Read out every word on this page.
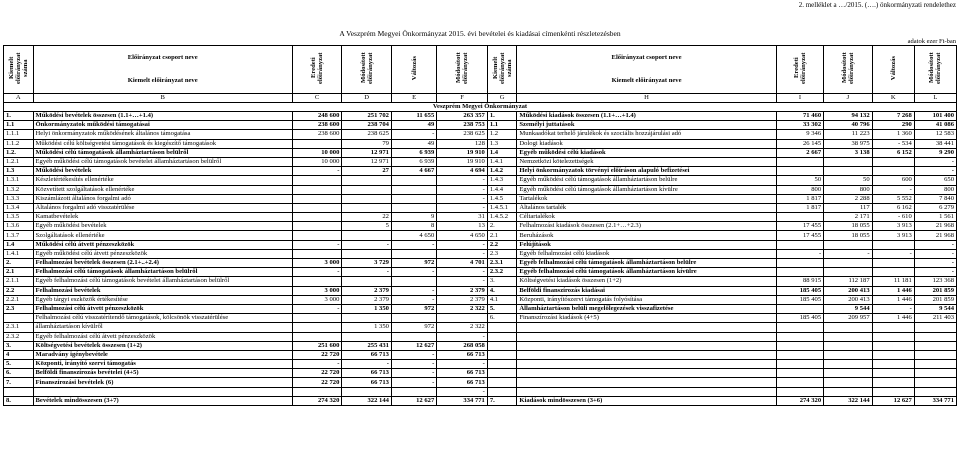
2. melléklet a …/2015. (….) önkormányzati rendelethez
A Veszprém Megyei Önkormányzat 2015. évi bevételei és kiadásai címenkénti részletezésben
adatok ezer Ft-ban
Kiemelt előirányzat száma	Előirányzat csoport neve
Kiemelt előirányzat neve	Eredeti előirányzat	Módosított előirányzat	Változás	Módosított előirányzat	Kiemelt előirányzat száma	Előirányzat csoport neve
Kiemelt előirányzat neve	Eredeti előirányzat	Módosított előirányzat	Változás	Módosított előirányzat
A	B	C	D	E	F	G	H	I	J	K	L
Veszprém Megyei Önkormányzat											
1.	Működési bevételek összesen (1.1+…+1.4)	248 600	251 702	11 655	263 357	1.	Működési kiadások összesen (1.1+…+1.4)	71 460	94 132	7 268	101 400
1.1	Önkormányzatok működési támogatásai	238 600	238 704	49	238 753	1.1	Személyi juttatások	33 302	40 796	290	41 086
1.1.1	Helyi önkormányzatok működésének általános támogatása	238 600	238 625	-	238 625	1.2	Munkaadókat terhelő járulékok és szociális hozzájárulási adó	9 346	11 223	1 360	12 583
1.1.2	Működési célú költségvetési támogatások és kiegészítő támogatások		79	49	128	1.3	Dologi kiadások	26 145	38 975	- 534	38 441
1.2.	Működési célú támogatások államháztartáson belülről	10 000	12 971	6 939	19 910	1.4	Egyéb működési célú kiadások	2 667	3 138	6 152	9 290
1.2.1	Egyéb működési célú támogatások bevételei államháztartáson belülről	10 000	12 971	6 939	19 910	1.4.1	Nemzetközi kötelezettségek				-
1.3	Működési bevételek	-	27	4 667	4 694	1.4.2	Helyi önkormányzatok törvényi előíráson alapuló befizetései				-
1.3.1	Készletértékesítés ellenértéke				-	1.4.3	Egyéb működési célú támogatások államháztartáson belülre	50	50	600	650
1.3.2	Közvetített szolgáltatások ellenértéke				-	1.4.4	Egyéb működési célú támogatások államháztartáson kívülre	800	800	-	800
1.3.3	Kiszámlázott általános forgalmi adó				-	1.4.5	Tartalékok	1 817	2 288	5 552	7 840
1.3.4	Általános forgalmi adó visszatérülése				-	1.4.5.1	Általános tartalék	1 817	117	6 162	6 279
1.3.5	Kamatbevételek		22	9	31	1.4.5.2	Céltartalékok		2 171	- 610	1 561
1.3.6	Egyéb működési bevételek		5	8	13	2.	Felhalmozási kiadások összesen (2.1+…+2.3)	17 455	18 055	3 913	21 968
1.3.7	Szolgáltatások ellenértéke			4 650	4 650	2.1	Beruházások	17 455	18 055	3 913	21 968
1.4	Működési célú átvett pénzeszközök	-	-	-	-	2.2	Felújítások				-
1.4.1	Egyéb működési célú átvett pénzeszközök				-	2.3	Egyéb felhalmozási célú kiadások	-	-	-	-
2.	Felhalmozási bevételek összesen (2.1+..+2.4)	3 000	3 729	972	4 701	2.3.1	Egyéb felhalmozási célú támogatások államháztartáson belülre				-
2.1	Felhalmozási célú támogatások államháztartáson belülről	-	-	-	-	2.3.2	Egyéb felhalmozási célú támogatások államháztartáson kívülre				-
2.1.1	Egyéb felhalmozási célú támogatások bevételei államháztartáson belülről				-	3.	Költségvetési kiadások összesen (1+2)	88 915	112 187	11 181	123 368
2.2	Felhalmozási bevételek	3 000	2 379	-	2 379	4.	Belföldi finanszírozás kiadásai	185 405	200 413	1 446	201 859
2.2.1	Egyéb tárgyi eszközök értékesítése	3 000	2 379	-	2 379	4.1	Központi, irányítószervi támogatás folyósítása	185 405	200 413	1 446	201 859
2.3	Felhalmozási célú átvett pénzeszközök	-	1 350	972	2 322	5.	Államháztartáson belüli megelőlegezések visszafizetése		9 544	-	9 544
	Felhalmozási célú visszatérítendő támogatások, kölcsönök visszatérülése					6.	Finanszírozási kiadások (4+5)	185 405	209 957	1 446	211 403
2.3.1	államháztartáson kívülről		1 350	972	2 322						
2.3.2	Egyéb felhalmozási célú átvett pénzeszközök				-						
3.	Költségvetési bevételek összesen (1+2)	251 600	255 431	12 627	268 058						
4	Maradvány igénybevétele	22 720	66 713	-	66 713						
5.	Központi, irányító szervi támogatás	-	-	-	-						
6.	Belföldi finanszírozás bevételei (4+5)	22 720	66 713	-	66 713						
7.	Finanszírozási bevételek (6)	22 720	66 713	-	66 713						
					-						
8.	Bevételek mindösszesen (3+7)	274 320	322 144	12 627	334 771	7.	Kiadások mindösszesen (3+6)	274 320	322 144	12 627	334 771
